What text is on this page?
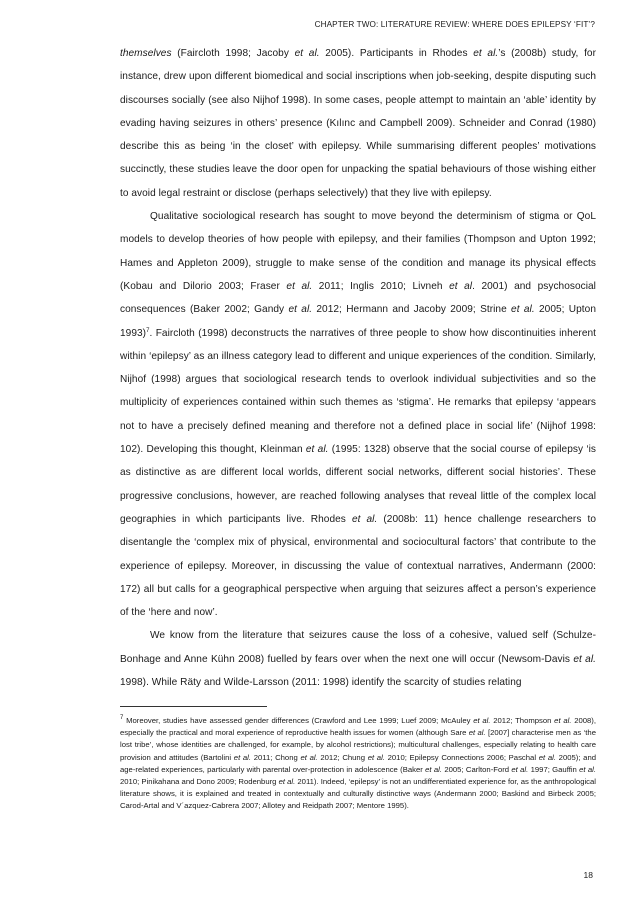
CHAPTER TWO: LITERATURE REVIEW: WHERE DOES EPILEPSY ‘FIT’?

themselves (Faircloth 1998; Jacoby et al. 2005). Participants in Rhodes et al.’s (2008b) study, for instance, drew upon different biomedical and social inscriptions when job-seeking, despite disputing such discourses socially (see also Nijhof 1998). In some cases, people attempt to maintain an ‘able’ identity by evading having seizures in others’ presence (Kılınc and Campbell 2009). Schneider and Conrad (1980) describe this as being ‘in the closet’ with epilepsy. While summarising different peoples’ motivations succinctly, these studies leave the door open for unpacking the spatial behaviours of those wishing either to avoid legal restraint or disclose (perhaps selectively) that they live with epilepsy.

Qualitative sociological research has sought to move beyond the determinism of stigma or QoL models to develop theories of how people with epilepsy, and their families (Thompson and Upton 1992; Hames and Appleton 2009), struggle to make sense of the condition and manage its physical effects (Kobau and Dilorio 2003; Fraser et al. 2011; Inglis 2010; Livneh et al. 2001) and psychosocial consequences (Baker 2002; Gandy et al. 2012; Hermann and Jacoby 2009; Strine et al. 2005; Upton 1993)$^7$. Faircloth (1998) deconstructs the narratives of three people to show how discontinuities inherent within ‘epilepsy’ as an illness category lead to different and unique experiences of the condition. Similarly, Nijhof (1998) argues that sociological research tends to overlook individual subjectivities and so the multiplicity of experiences contained within such themes as ‘stigma’. He remarks that epilepsy ‘appears not to have a precisely defined meaning and therefore not a defined place in social life’ (Nijhof 1998: 102). Developing this thought, Kleinman et al. (1995: 1328) observe that the social course of epilepsy ‘is as distinctive as are different local worlds, different social networks, different social histories’. These progressive conclusions, however, are reached following analyses that reveal little of the complex local geographies in which participants live. Rhodes et al. (2008b: 11) hence challenge researchers to disentangle the ‘complex mix of physical, environmental and sociocultural factors’ that contribute to the experience of epilepsy. Moreover, in discussing the value of contextual narratives, Andermann (2000: 172) all but calls for a geographical perspective when arguing that seizures affect a person’s experience of the ‘here and now’.

We know from the literature that seizures cause the loss of a cohesive, valued self (Schulze-Bonhage and Anne Kühn 2008) fuelled by fears over when the next one will occur (Newsom-Davis et al. 1998). While Räty and Wilde-Larsson (2011: 1998) identify the scarcity of studies relating

$^7$ Moreover, studies have assessed gender differences (Crawford and Lee 1999; Luef 2009; McAuley et al. 2012; Thompson et al. 2008), especially the practical and moral experience of reproductive health issues for women (although Sare et al. [2007] characterise men as ‘the lost tribe’, whose identities are challenged, for example, by alcohol restrictions); multicultural challenges, especially relating to health care provision and attitudes (Bartolini et al. 2011; Chong et al. 2012; Chung et al. 2010; Epilepsy Connections 2006; Paschal et al. 2005); and age-related experiences, particularly with parental over-protection in adolescence (Baker et al. 2005; Carlton-Ford et al. 1997; Gauffin et al. 2010; Pinikahana and Dono 2009; Rodenburg et al. 2011). Indeed, ‘epilepsy’ is not an undifferentiated experience for, as the anthropological literature shows, it is explained and treated in contextually and culturally distinctive ways (Andermann 2000; Baskind and Birbeck 2005; Carod-Artal and V´azquez-Cabrera 2007; Allotey and Reidpath 2007; Mentore 1995).
18
